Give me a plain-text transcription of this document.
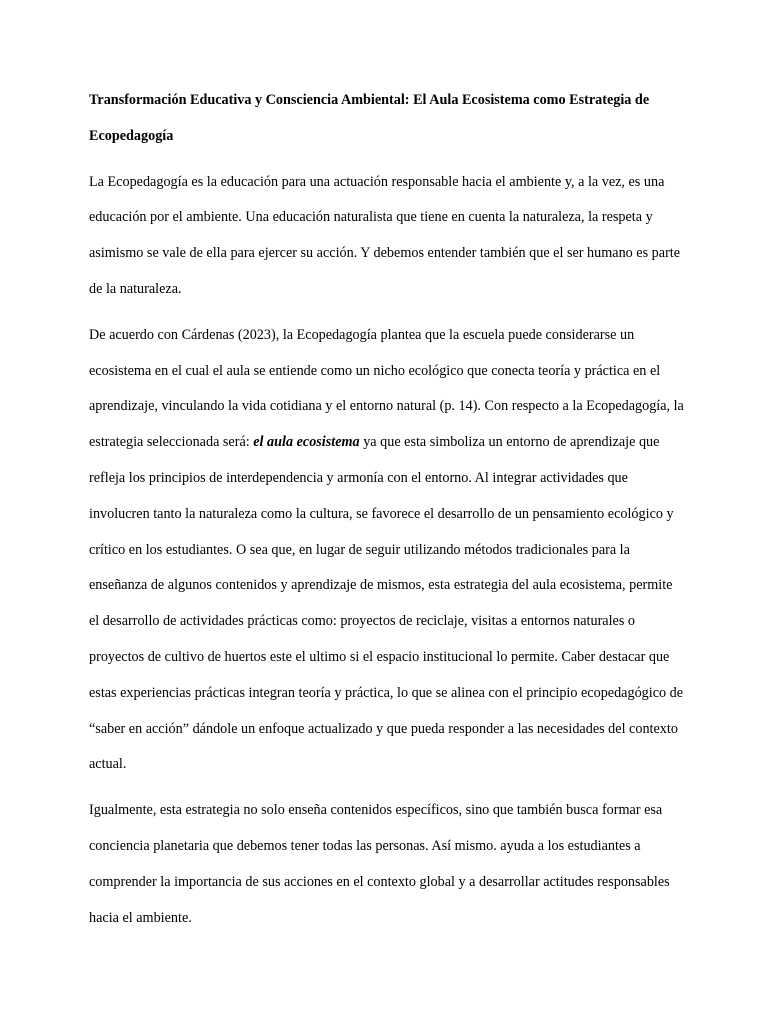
Transformación Educativa y Consciencia Ambiental: El Aula Ecosistema como Estrategia de Ecopedagogía

La Ecopedagogía es la educación para una actuación responsable hacia el ambiente y, a la vez, es una educación por el ambiente. Una educación naturalista que tiene en cuenta la naturaleza, la respeta y asimismo se vale de ella para ejercer su acción. Y debemos entender también que el ser humano es parte de la naturaleza.

De acuerdo con Cárdenas (2023), la Ecopedagogía plantea que la escuela puede considerarse un ecosistema en el cual el aula se entiende como un nicho ecológico que conecta teoría y práctica en el aprendizaje, vinculando la vida cotidiana y el entorno natural (p. 14). Con respecto a la Ecopedagogía, la estrategia seleccionada será: el aula ecosistema ya que esta simboliza un entorno de aprendizaje que refleja los principios de interdependencia y armonía con el entorno. Al integrar actividades que involucren tanto la naturaleza como la cultura, se favorece el desarrollo de un pensamiento ecológico y crítico en los estudiantes. O sea que, en lugar de seguir utilizando métodos tradicionales para la enseñanza de algunos contenidos y aprendizaje de mismos, esta estrategia del aula ecosistema, permite el desarrollo de actividades prácticas como: proyectos de reciclaje, visitas a entornos naturales o proyectos de cultivo de huertos este el ultimo si el espacio institucional lo permite. Caber destacar que estas experiencias prácticas integran teoría y práctica, lo que se alinea con el principio ecopedagógico de “saber en acción” dándole un enfoque actualizado y que pueda responder a las necesidades del contexto actual.

Igualmente, esta estrategia no solo enseña contenidos específicos, sino que también busca formar esa conciencia planetaria que debemos tener todas las personas. Así mismo. ayuda a los estudiantes a comprender la importancia de sus acciones en el contexto global y a desarrollar actitudes responsables hacia el ambiente.
